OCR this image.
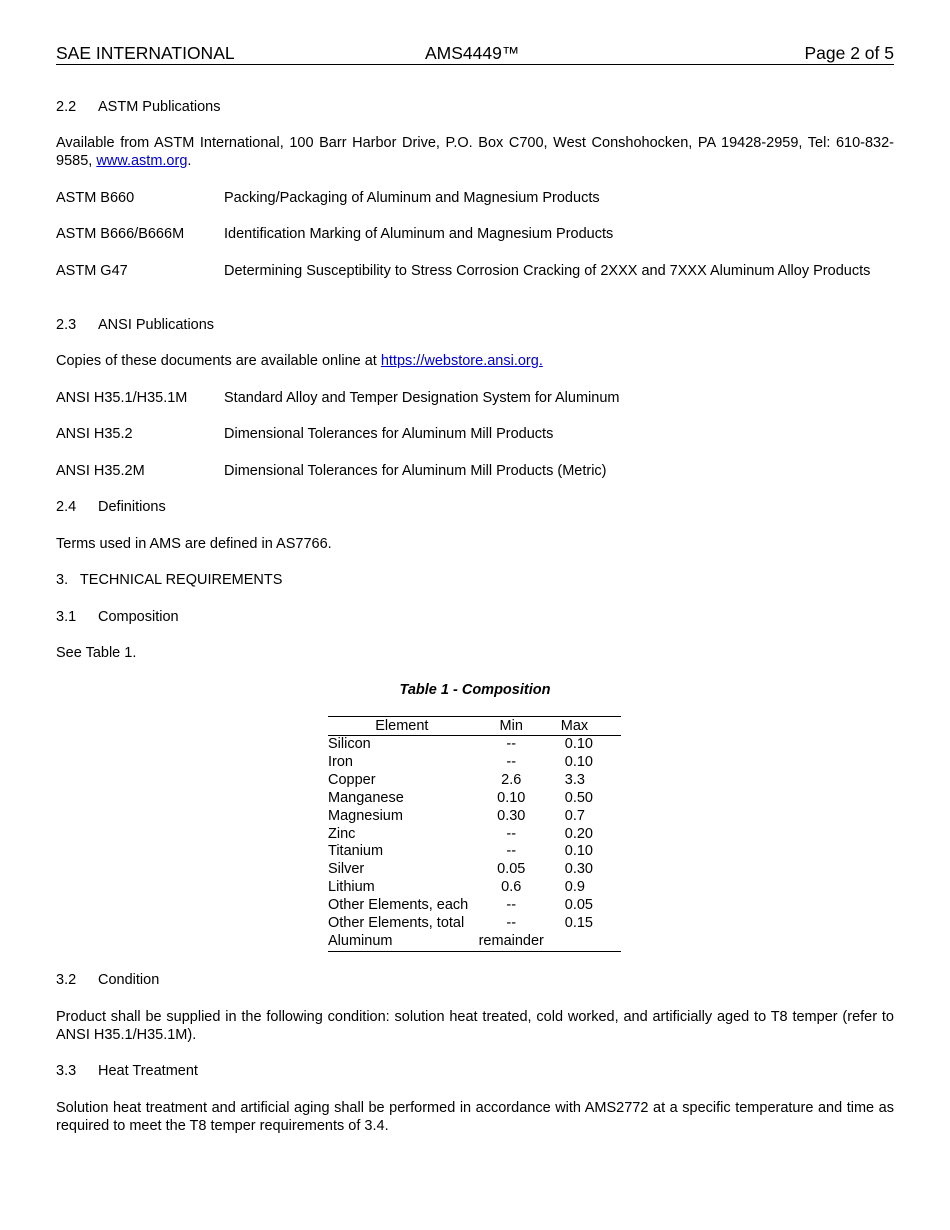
SAE INTERNATIONAL	AMS4449™	Page 2 of 5
2.2 ASTM Publications
Available from ASTM International, 100 Barr Harbor Drive, P.O. Box C700, West Conshohocken, PA 19428-2959, Tel: 610-832-9585, www.astm.org.
ASTM B660	Packing/Packaging of Aluminum and Magnesium Products
ASTM B666/B666M	Identification Marking of Aluminum and Magnesium Products
ASTM G47	Determining Susceptibility to Stress Corrosion Cracking of 2XXX and 7XXX Aluminum Alloy Products
2.3 ANSI Publications
Copies of these documents are available online at https://webstore.ansi.org.
ANSI H35.1/H35.1M	Standard Alloy and Temper Designation System for Aluminum
ANSI H35.2	Dimensional Tolerances for Aluminum Mill Products
ANSI H35.2M	Dimensional Tolerances for Aluminum Mill Products (Metric)
2.4 Definitions
Terms used in AMS are defined in AS7766.
3.   TECHNICAL REQUIREMENTS
3.1 Composition
See Table 1.
Table 1 - Composition
Element	Min	Max
Silicon	--	0.10
Iron	--	0.10
Copper	2.6	3.3
Manganese	0.10	0.50
Magnesium	0.30	0.7
Zinc	--	0.20
Titanium	--	0.10
Silver	0.05	0.30
Lithium	0.6	0.9
Other Elements, each	--	0.05
Other Elements, total	--	0.15
Aluminum	remainder	
3.2 Condition
Product shall be supplied in the following condition: solution heat treated, cold worked, and artificially aged to T8 temper (refer to ANSI H35.1/H35.1M).
3.3 Heat Treatment
Solution heat treatment and artificial aging shall be performed in accordance with AMS2772 at a specific temperature and time as required to meet the T8 temper requirements of 3.4.
